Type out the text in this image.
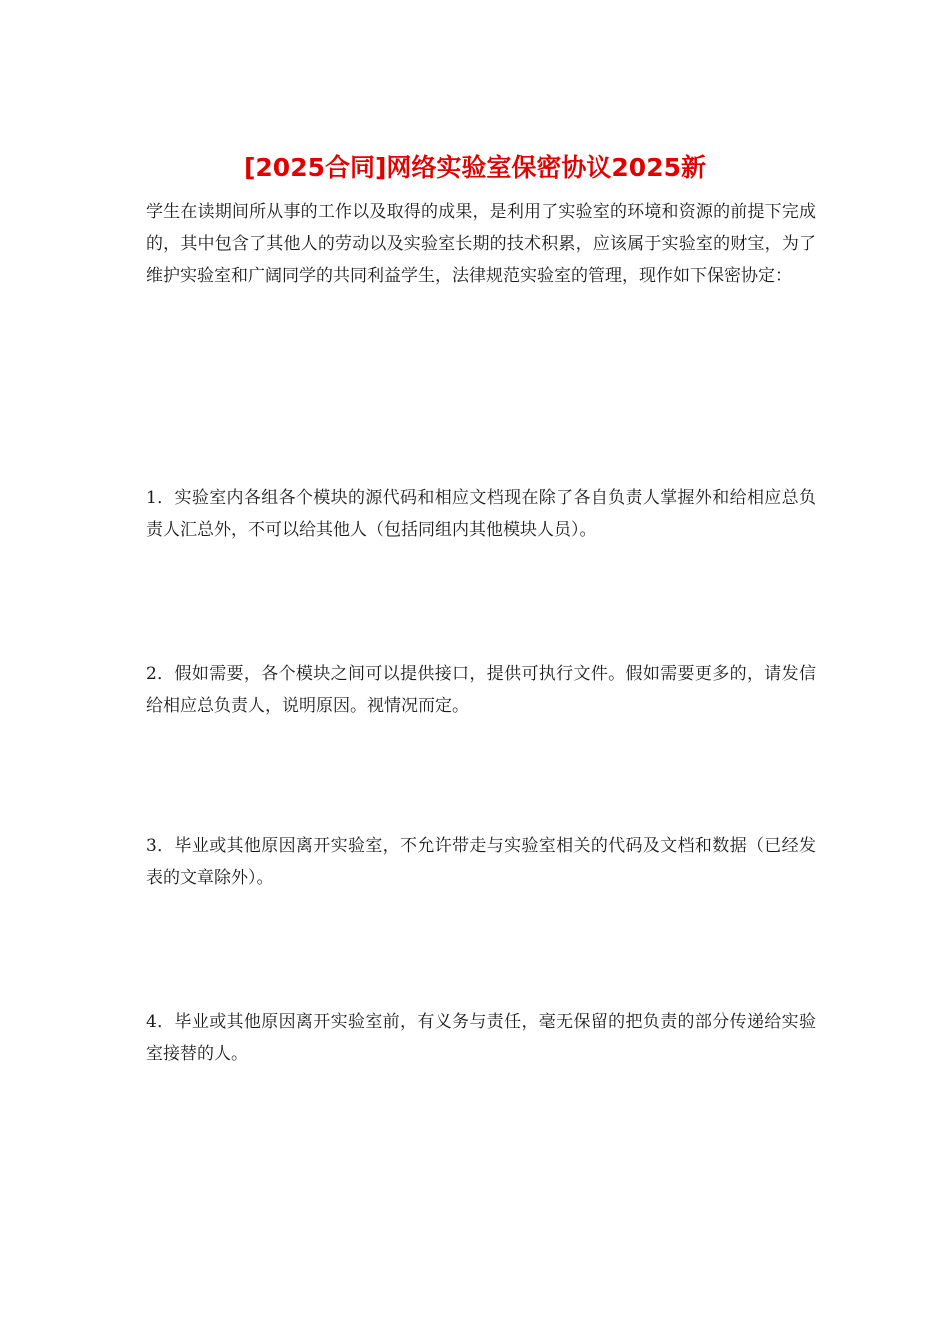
[2025合同]网络实验室保密协议2025新

学生在读期间所从事的工作以及取得的成果，是利用了实验室的环境和资源的前提下完成的，其中包含了其他人的劳动以及实验室长期的技术积累，应该属于实验室的财宝，为了维护实验室和广阔同学的共同利益学生，法律规范实验室的管理，现作如下保密协定：

1．实验室内各组各个模块的源代码和相应文档现在除了各自负责人掌握外和给相应总负责人汇总外，不可以给其他人（包括同组内其他模块人员）。

2．假如需要，各个模块之间可以提供接口，提供可执行文件。假如需要更多的，请发信给相应总负责人，说明原因。视情况而定。

3．毕业或其他原因离开实验室，不允许带走与实验室相关的代码及文档和数据（已经发表的文章除外）。

4．毕业或其他原因离开实验室前，有义务与责任，毫无保留的把负责的部分传递给实验室接替的人。
